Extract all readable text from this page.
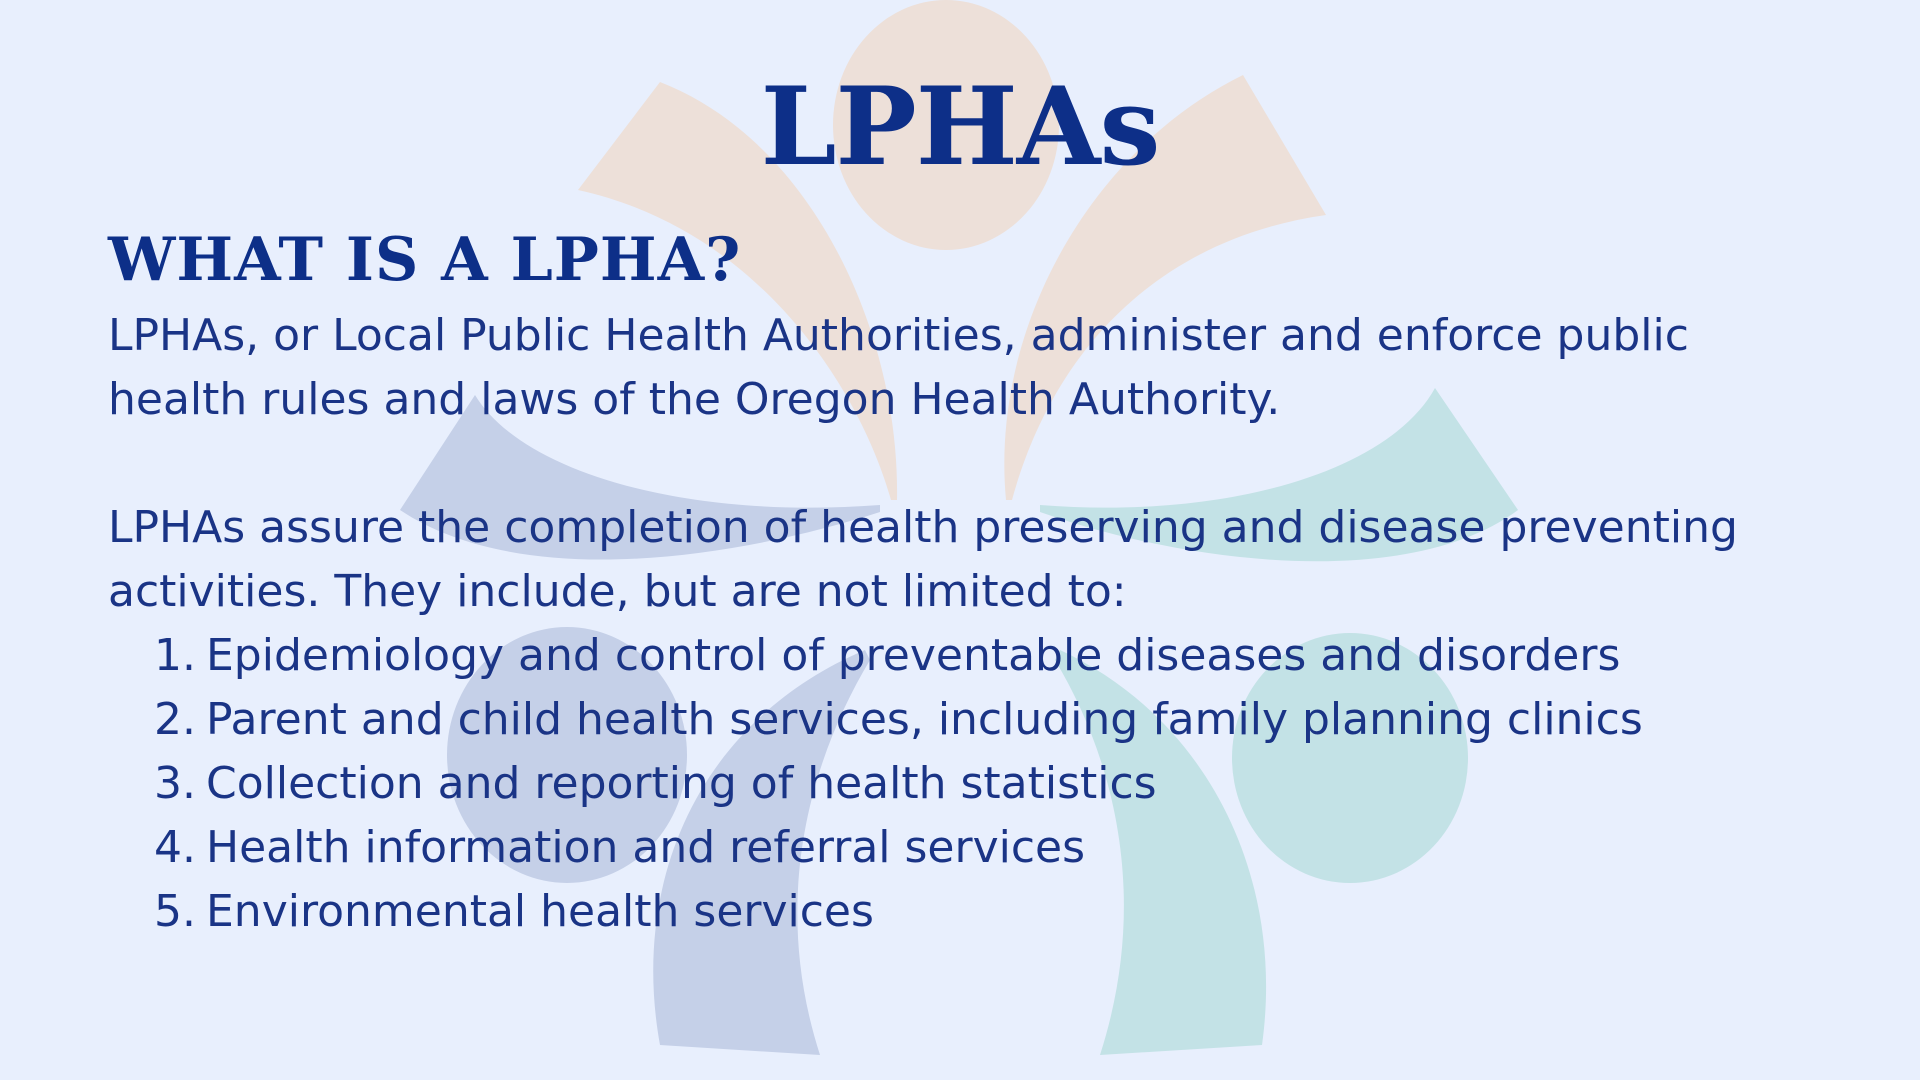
LPHAs
WHAT IS A LPHA?

LPHAs, or Local Public Health Authorities, administer and enforce public health rules and laws of the Oregon Health Authority.

LPHAs assure the completion of health preserving and disease preventing activities. They include, but are not limited to:

1. Epidemiology and control of preventable diseases and disorders
2. Parent and child health services, including family planning clinics
3. Collection and reporting of health statistics
4. Health information and referral services
5. Environmental health services
